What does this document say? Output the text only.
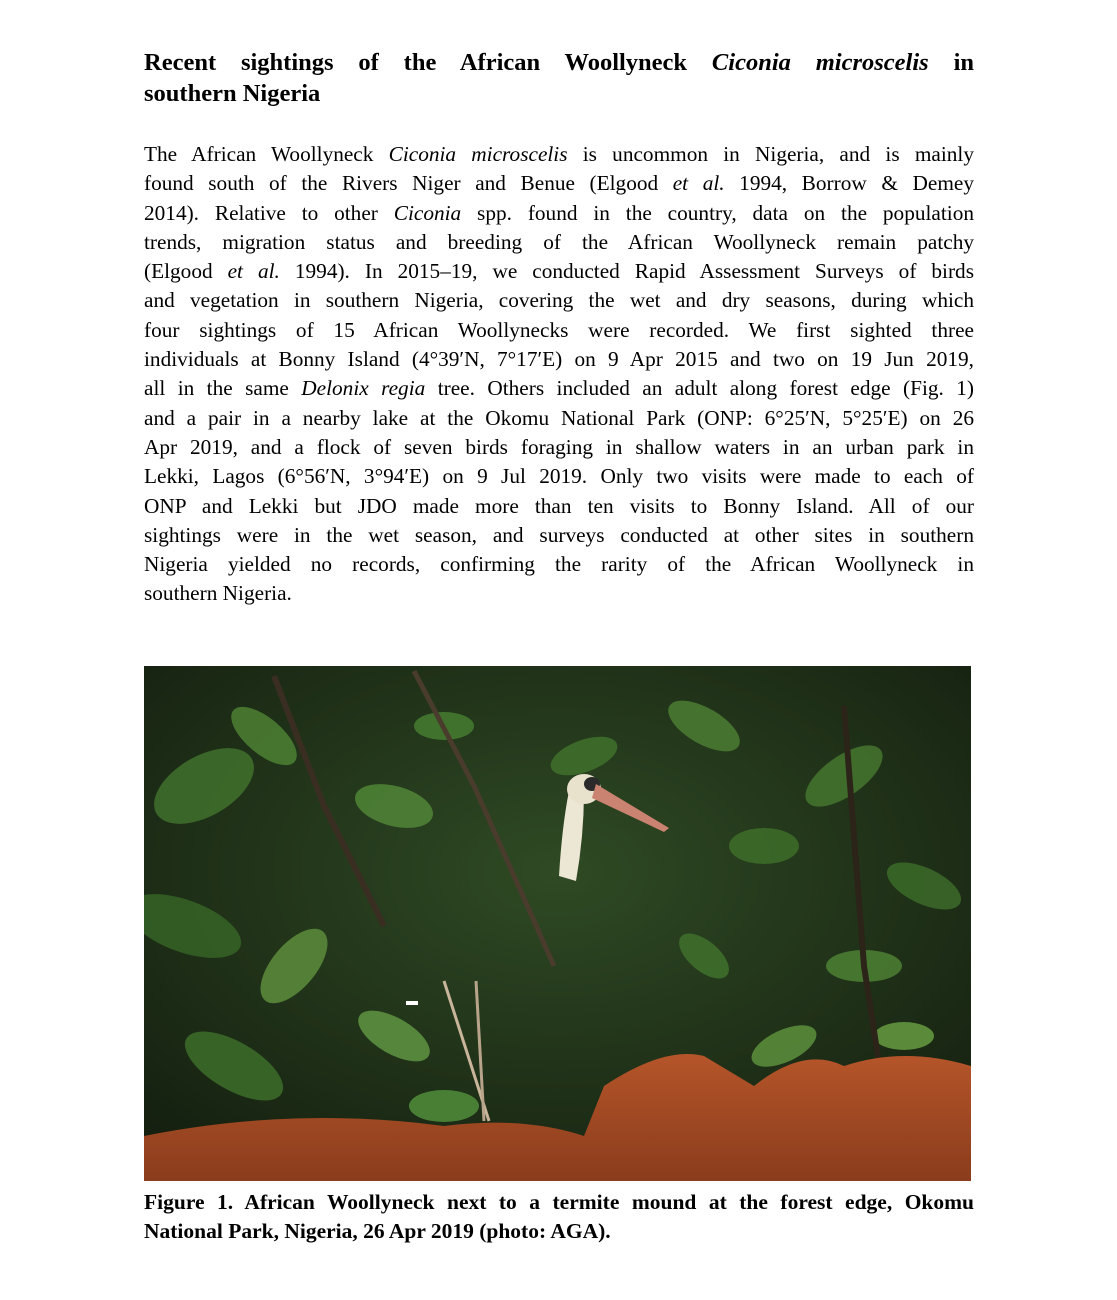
Recent sightings of the African Woollyneck Ciconia microscelis in
southern Nigeria

The African Woollyneck Ciconia microscelis is uncommon in Nigeria, and is mainly
found south of the Rivers Niger and Benue (Elgood et al. 1994, Borrow & Demey
2014). Relative to other Ciconia spp. found in the country, data on the population
trends, migration status and breeding of the African Woollyneck remain patchy
(Elgood et al. 1994). In 2015–19, we conducted Rapid Assessment Surveys of birds
and vegetation in southern Nigeria, covering the wet and dry seasons, during which
four sightings of 15 African Woollynecks were recorded. We first sighted three
individuals at Bonny Island (4°39′N, 7°17′E) on 9 Apr 2015 and two on 19 Jun 2019,
all in the same Delonix regia tree. Others included an adult along forest edge (Fig. 1)
and a pair in a nearby lake at the Okomu National Park (ONP: 6°25′N, 5°25′E) on 26
Apr 2019, and a flock of seven birds foraging in shallow waters in an urban park in
Lekki, Lagos (6°56′N, 3°94′E) on 9 Jul 2019. Only two visits were made to each of
ONP and Lekki but JDO made more than ten visits to Bonny Island. All of our
sightings were in the wet season, and surveys conducted at other sites in southern
Nigeria yielded no records, confirming the rarity of the African Woollyneck in
southern Nigeria.

Figure 1. African Woollyneck next to a termite mound at the forest edge, Okomu
National Park, Nigeria, 26 Apr 2019 (photo: AGA).
